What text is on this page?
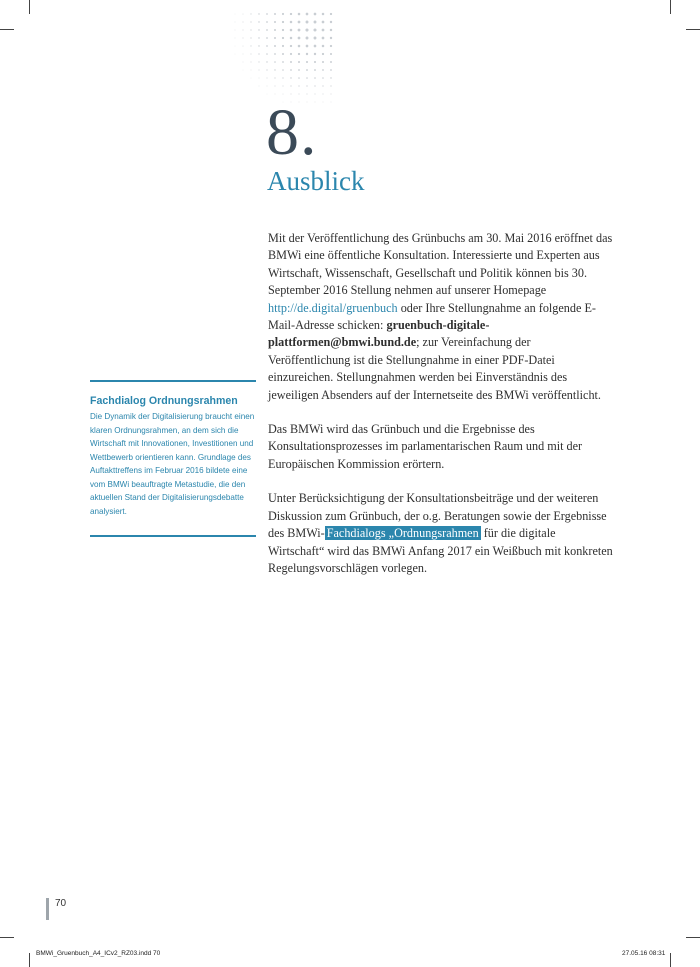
8.
Ausblick

Mit der Veröffentlichung des Grünbuchs am 30. Mai 2016 eröffnet das BMWi eine öffentliche Konsultation. Interessierte und Experten aus Wirtschaft, Wissenschaft, Gesellschaft und Politik können bis 30. September 2016 Stellung nehmen auf unserer Homepage http://de.digital/gruenbuch oder Ihre Stellungnahme an folgende E-Mail-Adresse schicken: gruenbuch-digitale-plattformen@bmwi.bund.de; zur Vereinfachung der Veröffentlichung ist die Stellungnahme in einer PDF-Datei einzureichen. Stellungnahmen werden bei Einverständnis des jeweiligen Absenders auf der Internetseite des BMWi veröffentlicht.

Das BMWi wird das Grünbuch und die Ergebnisse des Konsultationsprozesses im parlamentarischen Raum und mit der Europäischen Kommission erörtern.

Unter Berücksichtigung der Konsultationsbeiträge und der weiteren Diskussion zum Grünbuch, der o.g. Beratungen sowie der Ergebnisse des BMWi- Fachdialogs „Ordnungsrahmen für die digitale Wirtschaft“ wird das BMWi Anfang 2017 ein Weißbuch mit konkreten Regelungsvorschlägen vorlegen.

Fachdialog Ordnungsrahmen
Die Dynamik der Digitalisierung braucht einen klaren Ordnungsrahmen, an dem sich die Wirtschaft mit Innovationen, Investitionen und Wettbewerb orientieren kann. Grundlage des Auftakttreffens im Februar 2016 bildete eine vom BMWi beauftragte Metastudie, die den aktuellen Stand der Digitalisierungsdebatte analysiert.
70
BMWi_Gruenbuch_A4_ICv2_RZ03.indd 70	27.05.16 08:31
